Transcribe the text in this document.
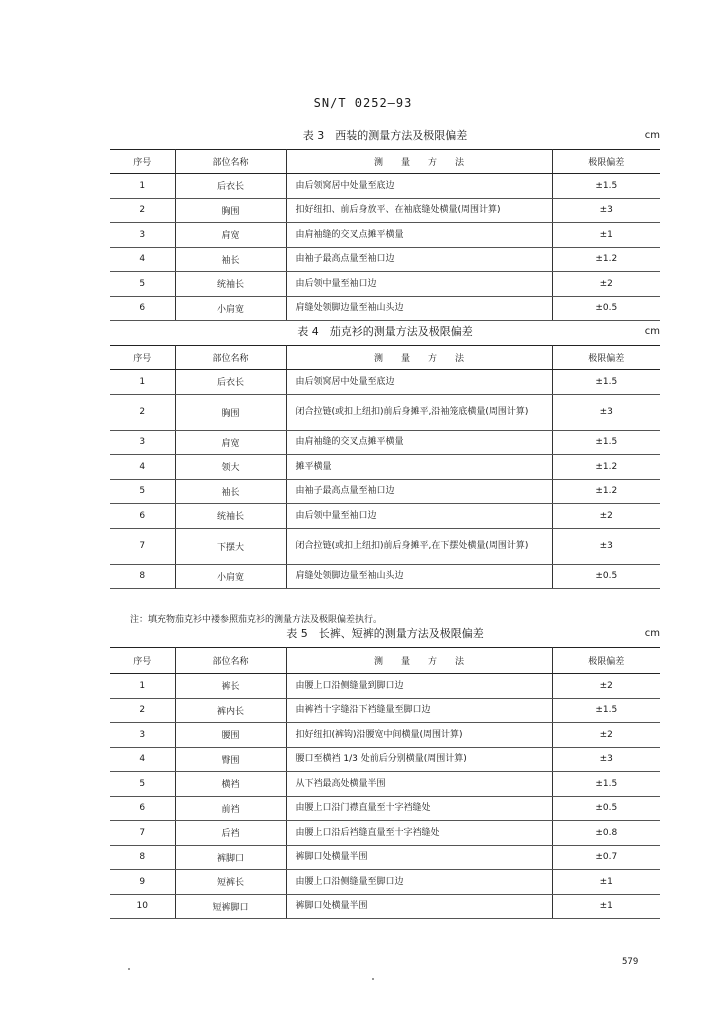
SN/T 0252—93
表 3　西装的测量方法及极限偏差	cm
序号	部位名称	测　　量　　方　　法	极限偏差
1	后衣长	由后领窝居中处量至底边	±1.5
2	胸围	扣好纽扣、前后身放平、在袖底缝处横量(周围计算)	±3
3	肩宽	由肩袖缝的交叉点摊平横量	±1
4	袖长	由袖子最高点量至袖口边	±1.2
5	统袖长	由后领中量至袖口边	±2
6	小肩宽	肩缝处领脚边量至袖山头边	±0.5
表 4　茄克衫的测量方法及极限偏差	cm
序号	部位名称	测　　量　　方　　法	极限偏差
1	后衣长	由后领窝居中处量至底边	±1.5
2	胸围	闭合拉链(或扣上纽扣)前后身摊平,沿袖笼底横量(周围计算)	±3
3	肩宽	由肩袖缝的交叉点摊平横量	±1.5
4	领大	摊平横量	±1.2
5	袖长	由袖子最高点量至袖口边	±1.2
6	统袖长	由后领中量至袖口边	±2
7	下摆大	闭合拉链(或扣上纽扣)前后身摊平,在下摆处横量(周围计算)	±3
8	小肩宽	肩缝处领脚边量至袖山头边	±0.5
注：填充物茄克衫中褛参照茄克衫的测量方法及极限偏差执行。
表 5　长裤、短裤的测量方法及极限偏差	cm
序号	部位名称	测　　量　　方　　法	极限偏差
1	裤长	由腰上口沿侧缝量到脚口边	±2
2	裤内长	由裤裆十字缝沿下裆缝量至脚口边	±1.5
3	腰围	扣好纽扣(裤钩)沿腰宽中间横量(周围计算)	±2
4	臀围	腰口至横裆 1/3 处前后分别横量(周围计算)	±3
5	横裆	从下裆最高处横量半围	±1.5
6	前裆	由腰上口沿门襟直量至十字裆缝处	±0.5
7	后裆	由腰上口沿后裆缝直量至十字裆缝处	±0.8
8	裤脚口	裤脚口处横量半围	±0.7
9	短裤长	由腰上口沿侧缝量至脚口边	±1
10	短裤脚口	裤脚口处横量半围	±1
579
